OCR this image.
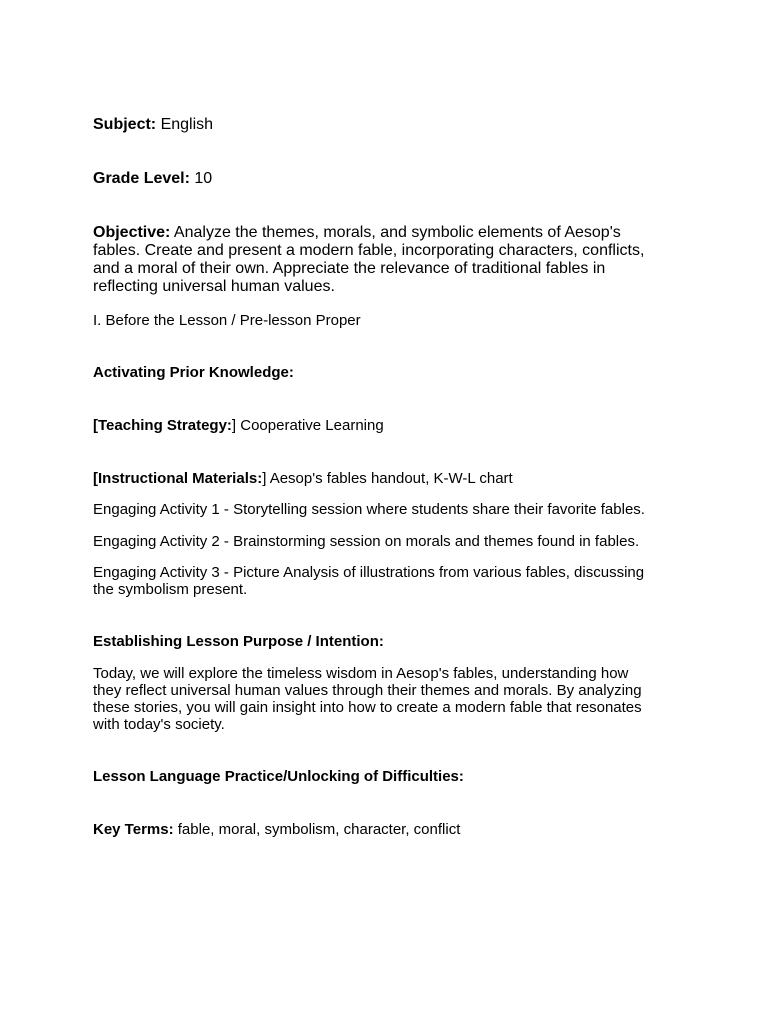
Subject: English
Grade Level: 10
Objective: Analyze the themes, morals, and symbolic elements of Aesop's
fables. Create and present a modern fable, incorporating characters, conflicts,
and a moral of their own. Appreciate the relevance of traditional fables in
reflecting universal human values.
I. Before the Lesson / Pre-lesson Proper
Activating Prior Knowledge:
[Teaching Strategy:] Cooperative Learning
[Instructional Materials:] Aesop's fables handout, K-W-L chart
Engaging Activity 1 - Storytelling session where students share their favorite fables.
Engaging Activity 2 - Brainstorming session on morals and themes found in fables.
Engaging Activity 3 - Picture Analysis of illustrations from various fables, discussing
the symbolism present.
Establishing Lesson Purpose / Intention:
Today, we will explore the timeless wisdom in Aesop's fables, understanding how
they reflect universal human values through their themes and morals. By analyzing
these stories, you will gain insight into how to create a modern fable that resonates
with today's society.
Lesson Language Practice/Unlocking of Difficulties:
Key Terms: fable, moral, symbolism, character, conflict
